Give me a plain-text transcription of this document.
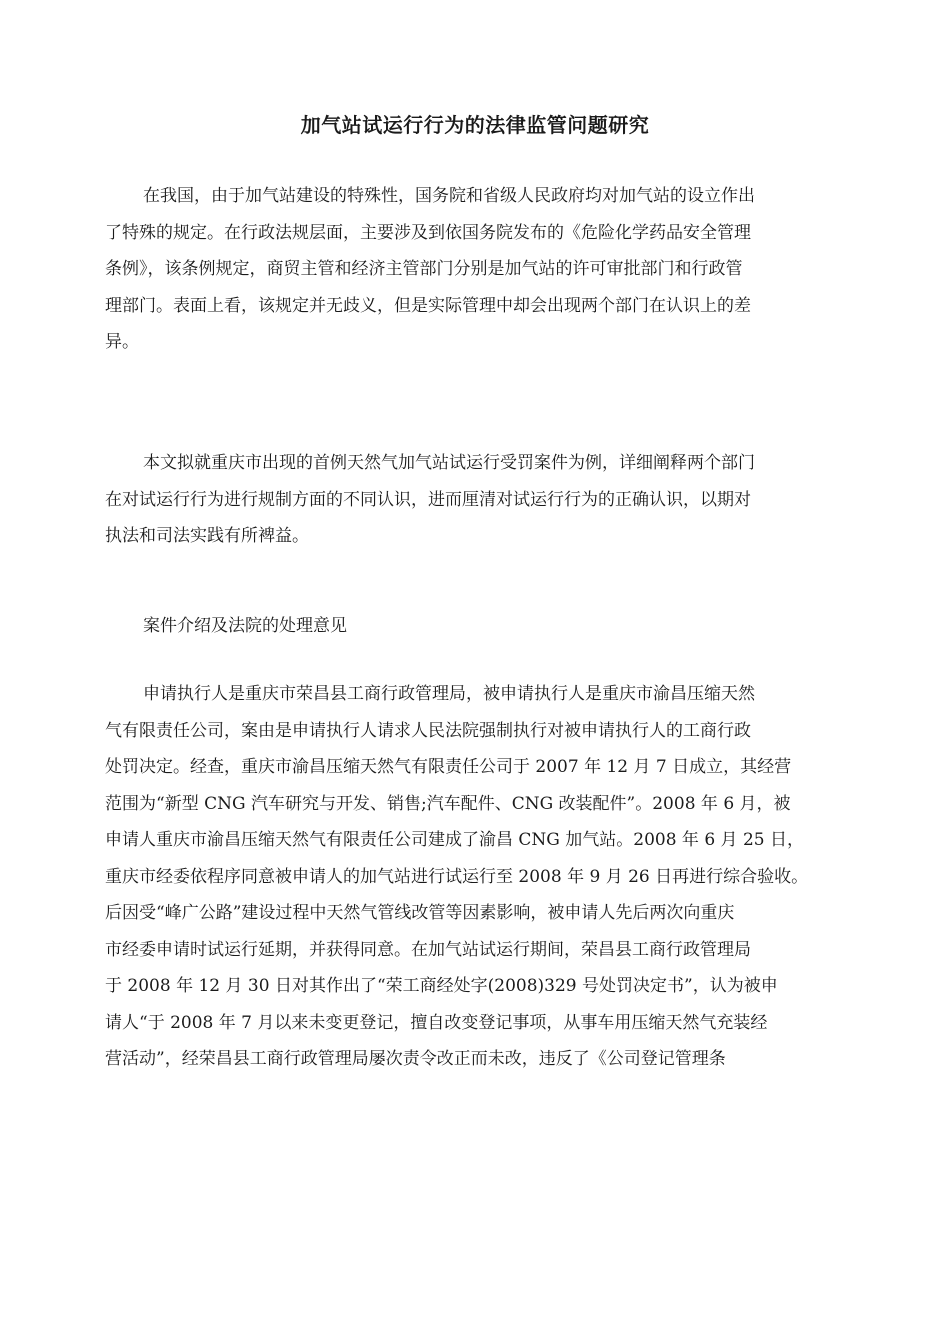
加气站试运行行为的法律监管问题研究
在我国，由于加气站建设的特殊性，国务院和省级人民政府均对加气站的设立作出
了特殊的规定。在行政法规层面，主要涉及到依国务院发布的《危险化学药品安全管理
条例》，该条例规定，商贸主管和经济主管部门分别是加气站的许可审批部门和行政管
理部门。表面上看，该规定并无歧义，但是实际管理中却会出现两个部门在认识上的差
异。
本文拟就重庆市出现的首例天然气加气站试运行受罚案件为例，详细阐释两个部门
在对试运行行为进行规制方面的不同认识，进而厘清对试运行行为的正确认识，以期对
执法和司法实践有所裨益。
案件介绍及法院的处理意见
申请执行人是重庆市荣昌县工商行政管理局，被申请执行人是重庆市渝昌压缩天然
气有限责任公司，案由是申请执行人请求人民法院强制执行对被申请执行人的工商行政
处罚决定。经查，重庆市渝昌压缩天然气有限责任公司于 2007 年 12 月 7 日成立，其经营
范围为“新型 CNG 汽车研究与开发、销售;汽车配件、CNG 改装配件”。2008 年 6 月，被
申请人重庆市渝昌压缩天然气有限责任公司建成了渝昌 CNG 加气站。2008 年 6 月 25 日，
重庆市经委依程序同意被申请人的加气站进行试运行至 2008 年 9 月 26 日再进行综合验收。
后因受“峰广公路”建设过程中天然气管线改管等因素影响，被申请人先后两次向重庆
市经委申请时试运行延期，并获得同意。在加气站试运行期间，荣昌县工商行政管理局
于 2008 年 12 月 30 日对其作出了“荣工商经处字(2008)329 号处罚决定书”，认为被申
请人“于 2008 年 7 月以来未变更登记，擅自改变登记事项，从事车用压缩天然气充装经
营活动”，经荣昌县工商行政管理局屡次责令改正而未改，违反了《公司登记管理条
